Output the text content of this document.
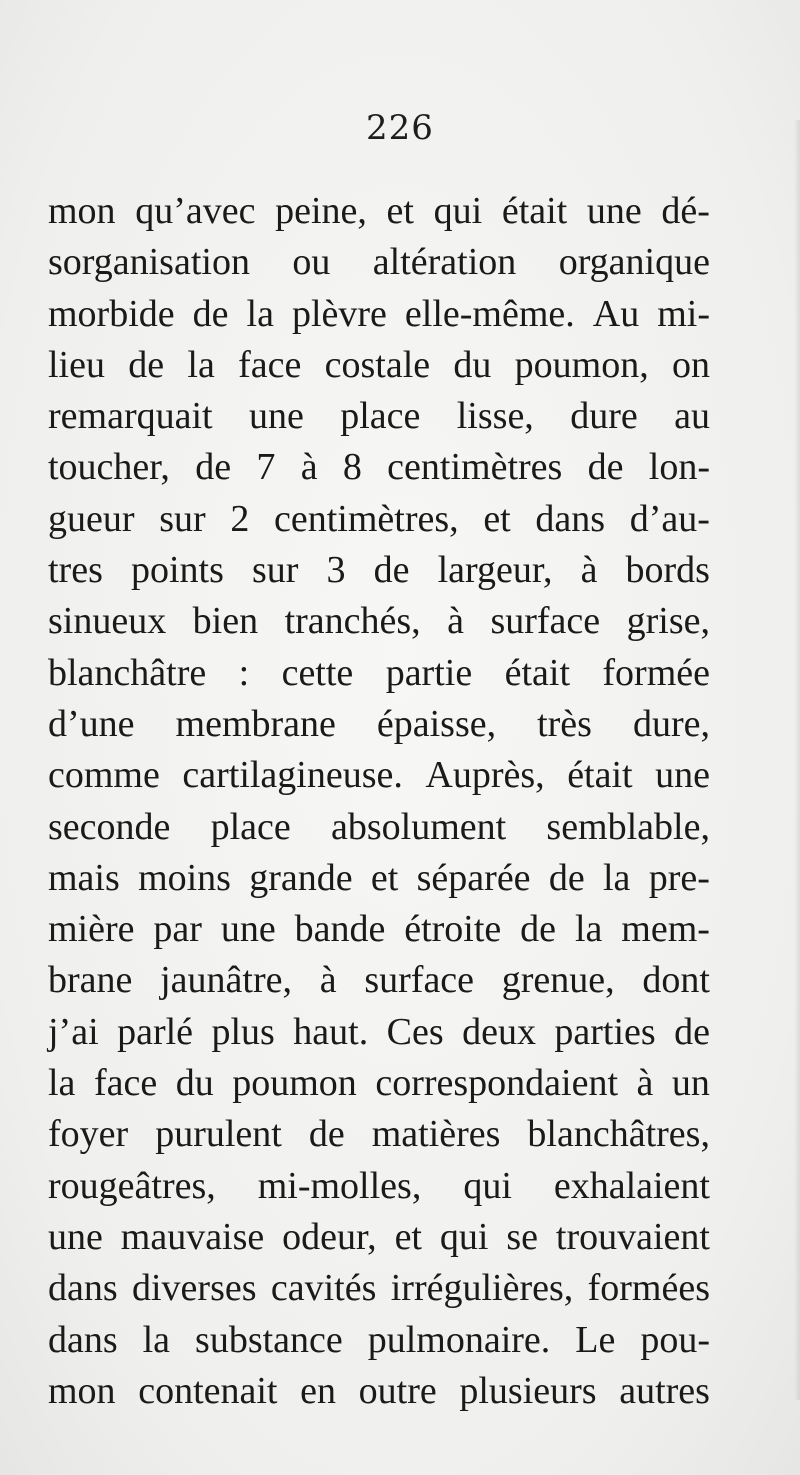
226
mon qu’avec peine, et qui était une dé-
sorganisation ou altération organique
morbide de la plèvre elle-même. Au mi-
lieu de la face costale du poumon, on
remarquait une place lisse, dure au
toucher, de 7 à 8 centimètres de lon-
gueur sur 2 centimètres, et dans d’au-
tres points sur 3 de largeur, à bords
sinueux bien tranchés, à surface grise,
blanchâtre : cette partie était formée
d’une membrane épaisse, très dure,
comme cartilagineuse. Auprès, était une
seconde place absolument semblable,
mais moins grande et séparée de la pre-
mière par une bande étroite de la mem-
brane jaunâtre, à surface grenue, dont
j’ai parlé plus haut. Ces deux parties de
la face du poumon correspondaient à un
foyer purulent de matières blanchâtres,
rougeâtres, mi-molles, qui exhalaient
une mauvaise odeur, et qui se trouvaient
dans diverses cavités irrégulières, formées
dans la substance pulmonaire. Le pou-
mon contenait en outre plusieurs autres
